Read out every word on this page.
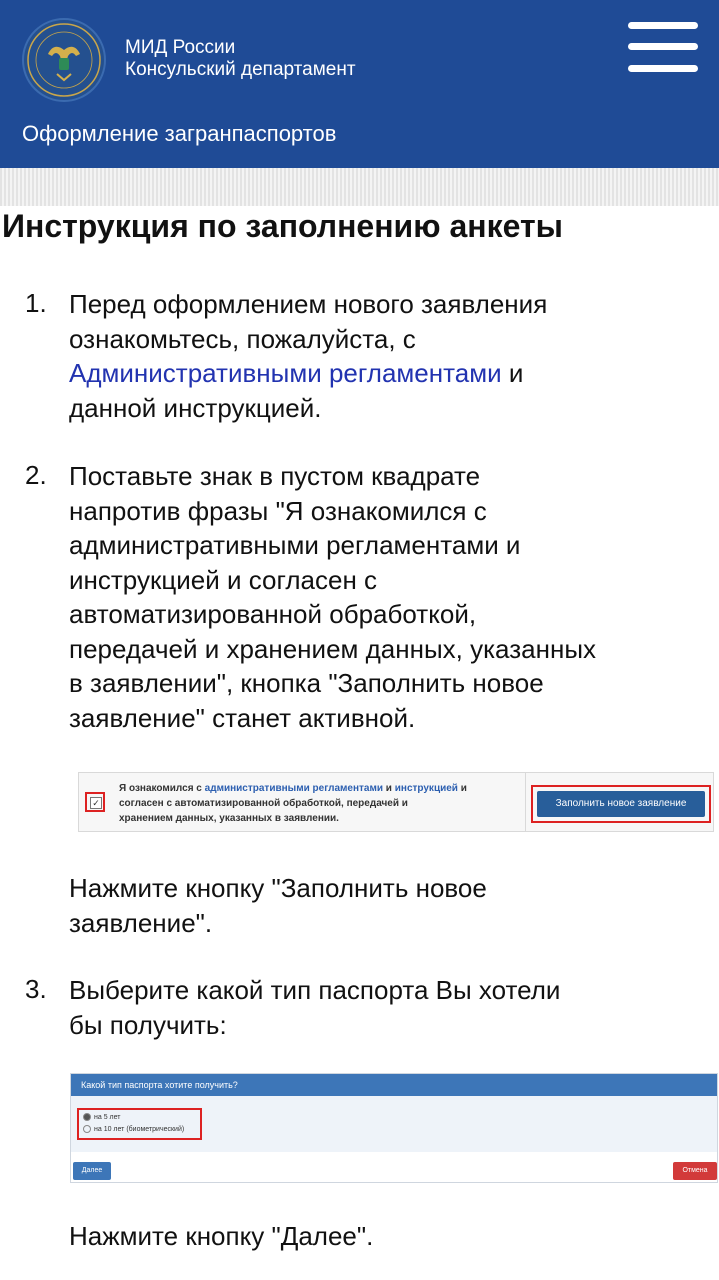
МИД России
Консульский департамент
Оформление загранпаспортов
Инструкция по заполнению анкеты
1. Перед оформлением нового заявления
ознакомьтесь, пожалуйста, с
Административными регламентами и
данной инструкцией.
2. Поставьте знак в пустом квадрате
напротив фразы "Я ознакомился с
административными регламентами и
инструкцией и согласен с
автоматизированной обработкой,
передачей и хранением данных, указанных
в заявлении", кнопка "Заполнить новое
заявление" станет активной.
✓
Я ознакомился с административными регламентами и инструкцией и
согласен с автоматизированной обработкой, передачей и
хранением данных, указанных в заявлении.
Заполнить новое заявление
Нажмите кнопку "Заполнить новое
заявление".
3. Выберите какой тип паспорта Вы хотели
бы получить:
Какой тип паспорта хотите получить?
на 5 лет
на 10 лет (биометрический)
Далее	Отмена
Нажмите кнопку "Далее".
